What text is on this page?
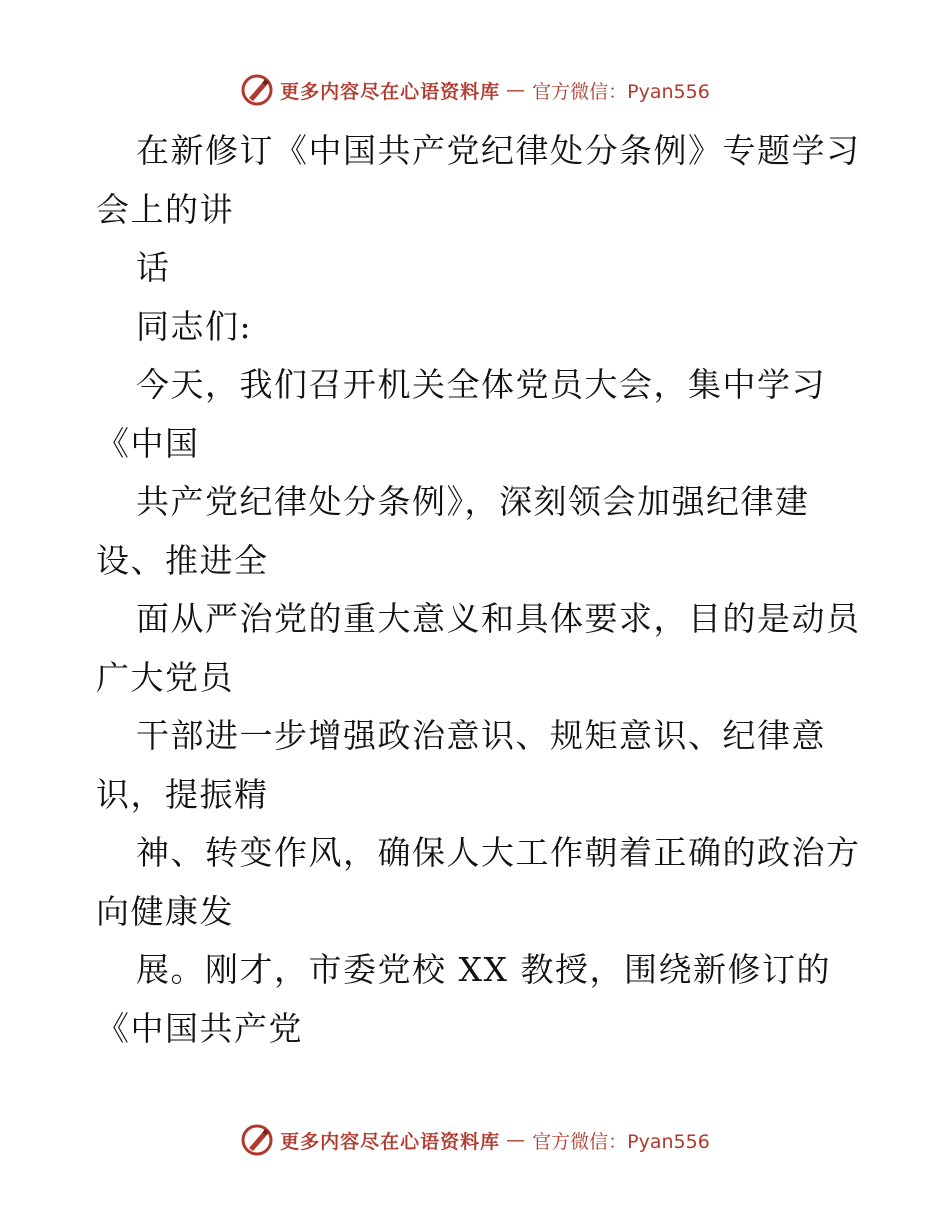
更多内容尽在心语资料库 — 官方微信：Pyan556
在新修订《中国共产党纪律处分条例》专题学习
会上的讲
话
同志们:
今天，我们召开机关全体党员大会，集中学习
《中国
共产党纪律处分条例》，深刻领会加强纪律建
设、推进全
面从严治党的重大意义和具体要求，目的是动员
广大党员
干部进一步增强政治意识、规矩意识、纪律意
识，提振精
神、转变作风，确保人大工作朝着正确的政治方
向健康发
展。刚才，市委党校 XX 教授，围绕新修订的
《中国共产党
更多内容尽在心语资料库 — 官方微信：Pyan556
